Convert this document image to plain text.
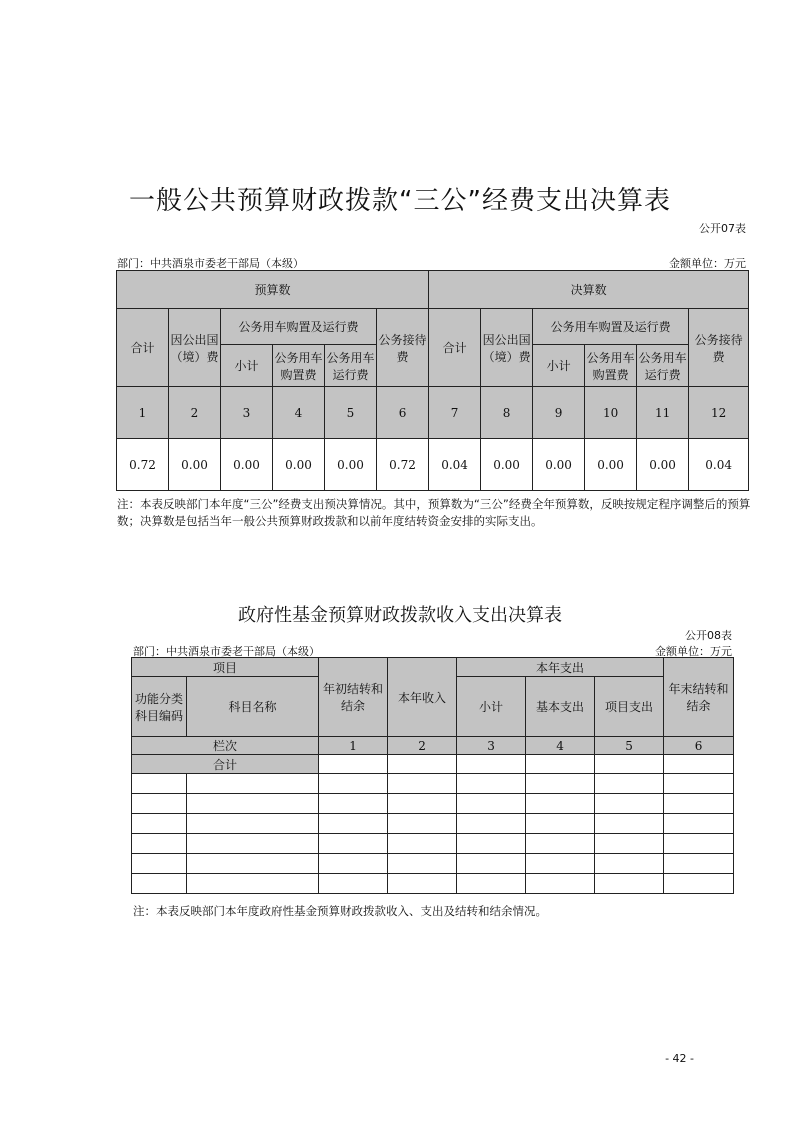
一般公共预算财政拨款“三公”经费支出决算表
公开07表
部门：中共酒泉市委老干部局（本级）	金额单位：万元
预算数						决算数					
合计	因公出国（境）费	公务用车购置及运行费			公务接待费	合计	因公出国（境）费	公务用车购置及运行费			公务接待费
		小计	公务用车购置费	公务用车运行费				小计	公务用车购置费	公务用车运行费	
1	2	3	4	5	6	7	8	9	10	11	12
0.72	0.00	0.00	0.00	0.00	0.72	0.04	0.00	0.00	0.00	0.00	0.04
注：本表反映部门本年度“三公”经费支出预决算情况。其中，预算数为“三公”经费全年预算数，反映按规定程序调整后的预算数；决算数是包括当年一般公共预算财政拨款和以前年度结转资金安排的实际支出。
政府性基金预算财政拨款收入支出决算表
公开08表
部门：中共酒泉市委老干部局（本级）	金额单位：万元
项目		年初结转和结余	本年收入	本年支出			年末结转和结余
功能分类科目编码	科目名称			小计	基本支出	项目支出	
栏次		1	2	3	4	5	6
合计							

注：本表反映部门本年度政府性基金预算财政拨款收入、支出及结转和结余情况。
- 42 -
